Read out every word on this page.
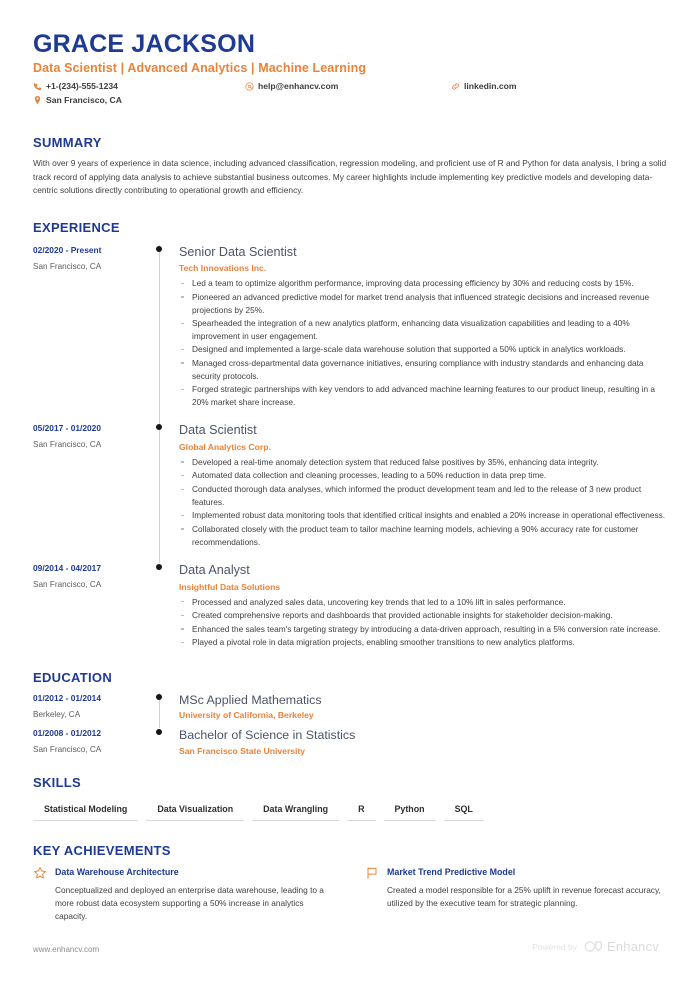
GRACE JACKSON
Data Scientist | Advanced Analytics | Machine Learning
+1-(234)-555-1234
San Francisco, CA
help@enhancv.com	linkedin.com
SUMMARY
With over 9 years of experience in data science, including advanced classification, regression modeling, and proficient use of R and Python for data analysis, I bring a solid track record of applying data analysis to achieve substantial business outcomes. My career highlights include implementing key predictive models and developing data-centric solutions directly contributing to operational growth and efficiency.
EXPERIENCE
02/2020 - Present
San Francisco, CA
Senior Data Scientist
Tech Innovations Inc.
Led a team to optimize algorithm performance, improving data processing efficiency by 30% and reducing costs by 15%.
Pioneered an advanced predictive model for market trend analysis that influenced strategic decisions and increased revenue projections by 25%.
Spearheaded the integration of a new analytics platform, enhancing data visualization capabilities and leading to a 40% improvement in user engagement.
Designed and implemented a large-scale data warehouse solution that supported a 50% uptick in analytics workloads.
Managed cross-departmental data governance initiatives, ensuring compliance with industry standards and enhancing data security protocols.
Forged strategic partnerships with key vendors to add advanced machine learning features to our product lineup, resulting in a 20% market share increase.
05/2017 - 01/2020
San Francisco, CA
Data Scientist
Global Analytics Corp.
Developed a real-time anomaly detection system that reduced false positives by 35%, enhancing data integrity.
Automated data collection and cleaning processes, leading to a 50% reduction in data prep time.
Conducted thorough data analyses, which informed the product development team and led to the release of 3 new product features.
Implemented robust data monitoring tools that identified critical insights and enabled a 20% increase in operational effectiveness.
Collaborated closely with the product team to tailor machine learning models, achieving a 90% accuracy rate for customer recommendations.
09/2014 - 04/2017
San Francisco, CA
Data Analyst
Insightful Data Solutions
Processed and analyzed sales data, uncovering key trends that led to a 10% lift in sales performance.
Created comprehensive reports and dashboards that provided actionable insights for stakeholder decision-making.
Enhanced the sales team's targeting strategy by introducing a data-driven approach, resulting in a 5% conversion rate increase.
Played a pivotal role in data migration projects, enabling smoother transitions to new analytics platforms.
EDUCATION
01/2012 - 01/2014
Berkeley, CA
MSc Applied Mathematics
University of California, Berkeley
01/2008 - 01/2012
San Francisco, CA
Bachelor of Science in Statistics
San Francisco State University
SKILLS
Statistical Modeling	Data Visualization	Data Wrangling	R	Python	SQL
KEY ACHIEVEMENTS
Data Warehouse Architecture
Conceptualized and deployed an enterprise data warehouse, leading to a more robust data ecosystem supporting a 50% increase in analytics capacity.
Market Trend Predictive Model
Created a model responsible for a 25% uplift in revenue forecast accuracy, utilized by the executive team for strategic planning.
www.enhancv.com	Powered by Enhancv
